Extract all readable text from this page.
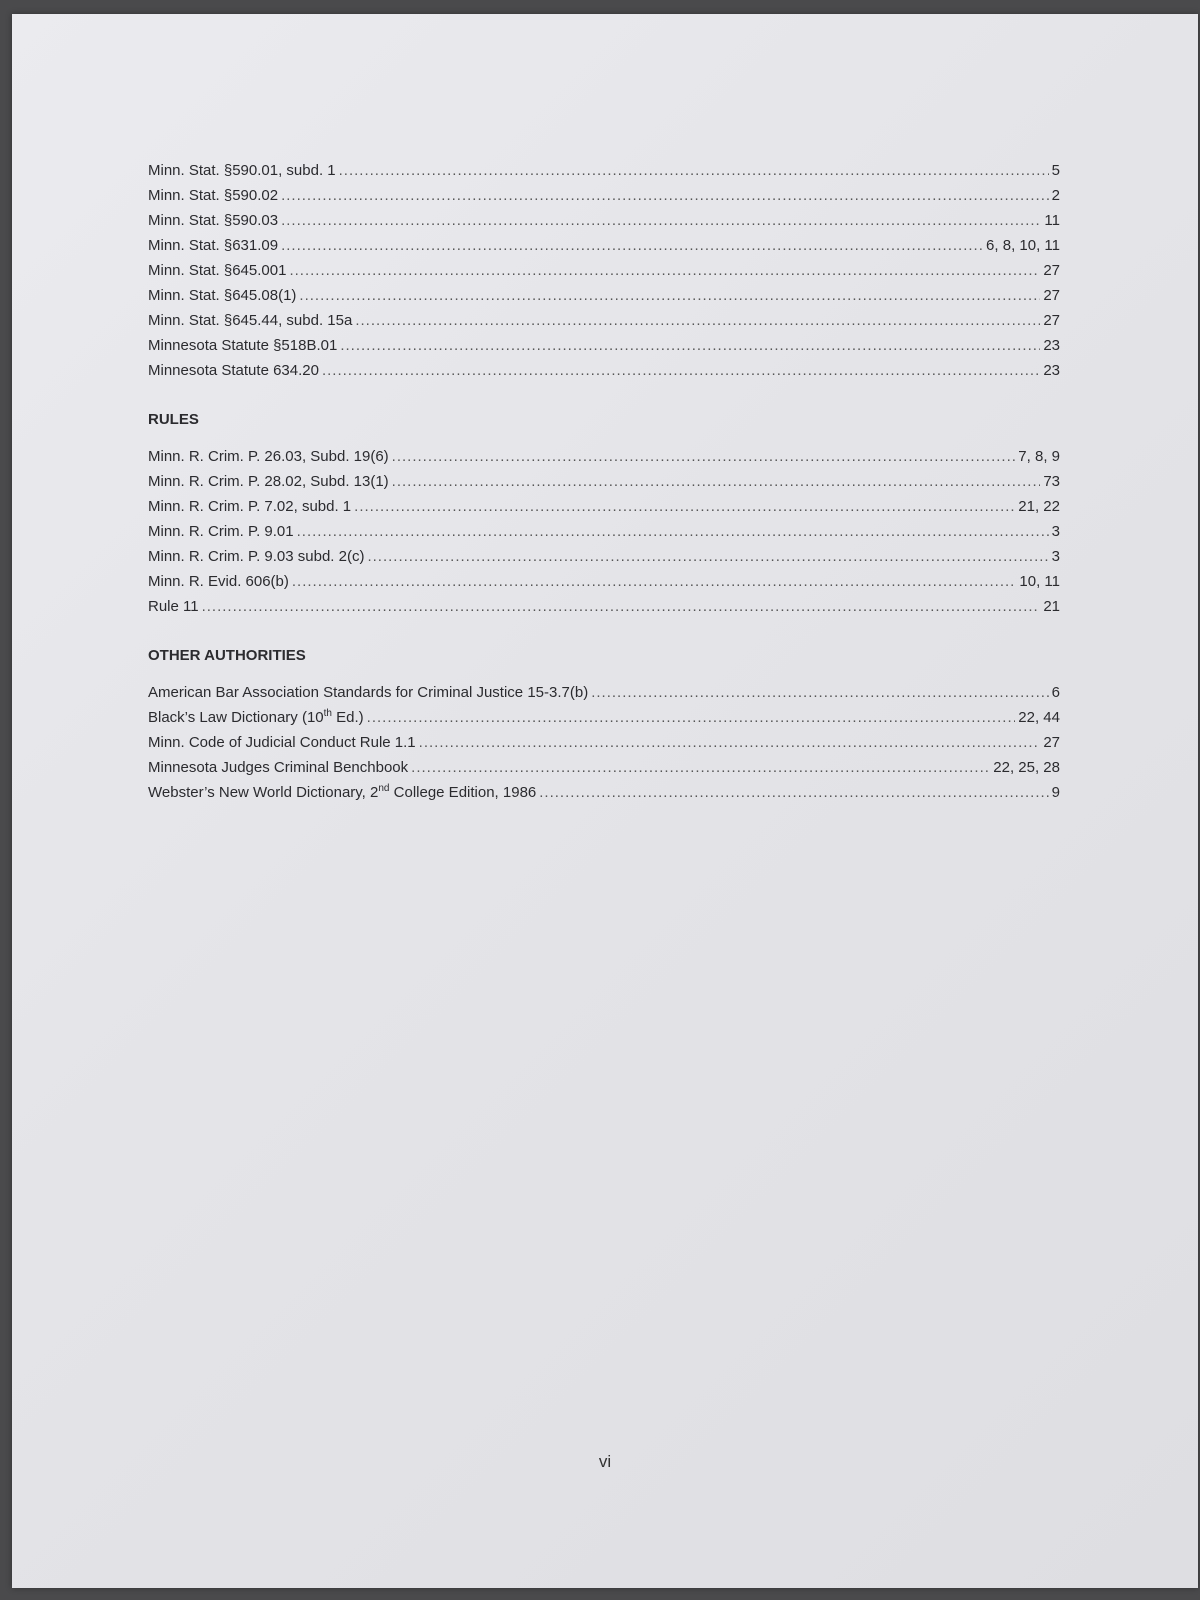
Minn. Stat. §590.01, subd. 1 .....	5
Minn. Stat. §590.02 .....	2
Minn. Stat. §590.03 .....	11
Minn. Stat. §631.09 .....	6, 8, 10, 11
Minn. Stat. §645.001 .....	27
Minn. Stat. §645.08(1) .....	27
Minn. Stat. §645.44, subd. 15a .....	27
Minnesota Statute §518B.01 .....	23
Minnesota Statute 634.20 .....	23
RULES
Minn. R. Crim. P. 26.03, Subd. 19(6) .....	7, 8, 9
Minn. R. Crim. P. 28.02, Subd. 13(1) .....	73
Minn. R. Crim. P. 7.02, subd. 1 .....	21, 22
Minn. R. Crim. P. 9.01 .....	3
Minn. R. Crim. P. 9.03 subd. 2(c) .....	3
Minn. R. Evid. 606(b) .....	10, 11
Rule 11 .....	21
OTHER AUTHORITIES
American Bar Association Standards for Criminal Justice 15-3.7(b) .....	6
Black’s Law Dictionary (10th Ed.) .....	22, 44
Minn. Code of Judicial Conduct Rule 1.1 .....	27
Minnesota Judges Criminal Benchbook .....	22, 25, 28
Webster’s New World Dictionary, 2nd College Edition, 1986 .....	9
vi
